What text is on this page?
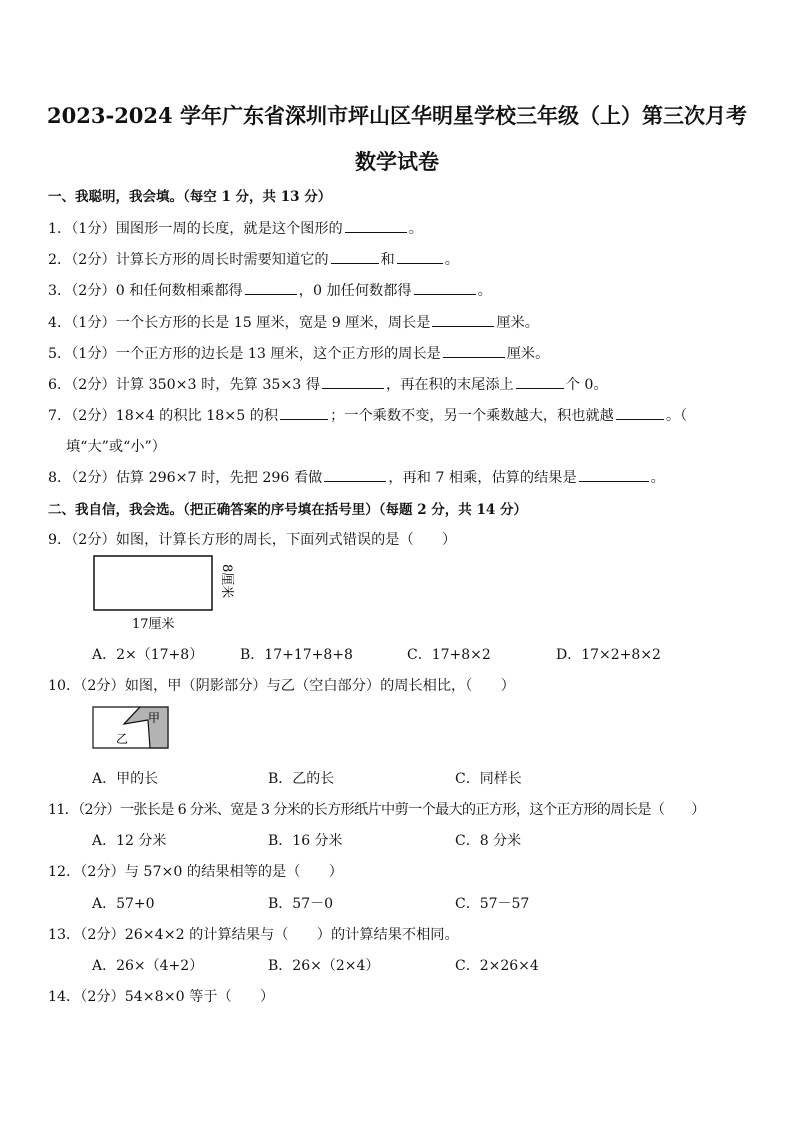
2023-2024 学年广东省深圳市坪山区华明星学校三年级（上）第三次月考
数学试卷
一、我聪明，我会填。（每空 1 分，共 13 分）
1．（1分）围图形一周的长度，就是这个图形的	。
2．（2分）计算长方形的周长时需要知道它的	和	。
3．（2分）0 和任何数相乘都得	，0 加任何数都得	。
4．（1分）一个长方形的长是 15 厘米，宽是 9 厘米，周长是	厘米。
5．（1分）一个正方形的边长是 13 厘米，这个正方形的周长是	厘米。
6．（2分）计算 350×3 时，先算 35×3 得	，再在积的末尾添上	个 0。
7．（2分）18×4 的积比 18×5 的积	；一个乘数不变，另一个乘数越大，积也就越	。（
填“大”或“小”）
8．（2分）估算 296×7 时，先把 296 看做	，再和 7 相乘，估算的结果是	。
二、我自信，我会选。（把正确答案的序号填在括号里）（每题 2 分，共 14 分）
9．（2分）如图，计算长方形的周长，下面列式错误的是（　　）
17厘米
8厘米
A．2×（17+8）	B．17+17+8+8	C．17+8×2	D．17×2+8×2
10．（2分）如图，甲（阴影部分）与乙（空白部分）的周长相比，（　　）
甲
乙
A．甲的长	B．乙的长	C．同样长
11．（2分）一张长是 6 分米、宽是 3 分米的长方形纸片中剪一个最大的正方形，这个正方形的周长是（　　）
A．12 分米	B．16 分米	C．8 分米
12．（2分）与 57×0 的结果相等的是（　　）
A．57+0	B．57－0	C．57－57
13．（2分）26×4×2 的计算结果与（　　）的计算结果不相同。
A．26×（4+2）	B．26×（2×4）	C．2×26×4
14．（2分）54×8×0 等于（　　）
